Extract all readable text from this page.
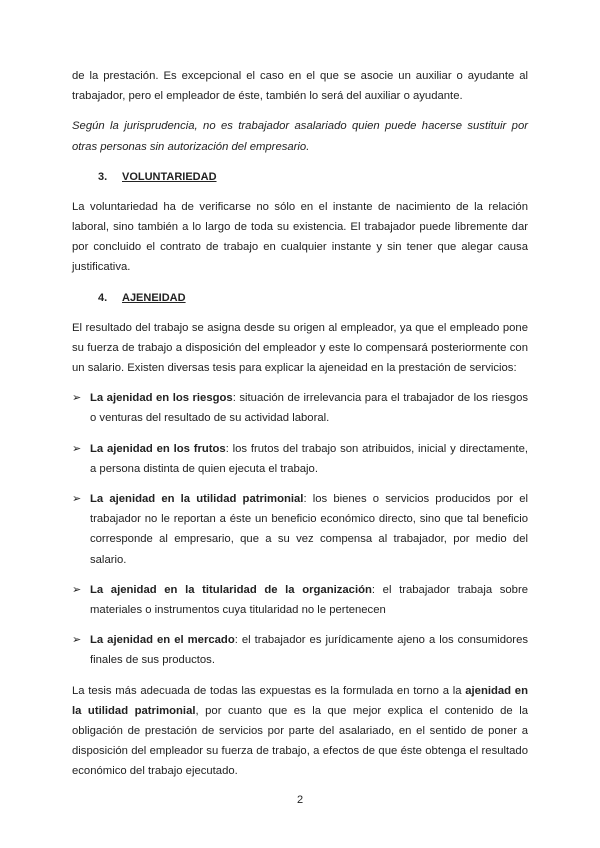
de la prestación. Es excepcional el caso en el que se asocie un auxiliar o ayudante al trabajador, pero el empleador de éste, también lo será del auxiliar o ayudante.

Según la jurisprudencia, no es trabajador asalariado quien puede hacerse sustituir por otras personas sin autorización del empresario.

3. VOLUNTARIEDAD

La voluntariedad ha de verificarse no sólo en el instante de nacimiento de la relación laboral, sino también a lo largo de toda su existencia. El trabajador puede libremente dar por concluido el contrato de trabajo en cualquier instante y sin tener que alegar causa justificativa.

4. AJENEIDAD

El resultado del trabajo se asigna desde su origen al empleador, ya que el empleado pone su fuerza de trabajo a disposición del empleador y este lo compensará posteriormente con un salario. Existen diversas tesis para explicar la ajeneidad en la prestación de servicios:

➢ La ajenidad en los riesgos: situación de irrelevancia para el trabajador de los riesgos o venturas del resultado de su actividad laboral.
➢ La ajenidad en los frutos: los frutos del trabajo son atribuidos, inicial y directamente, a persona distinta de quien ejecuta el trabajo.
➢ La ajenidad en la utilidad patrimonial: los bienes o servicios producidos por el trabajador no le reportan a éste un beneficio económico directo, sino que tal beneficio corresponde al empresario, que a su vez compensa al trabajador, por medio del salario.
➢ La ajenidad en la titularidad de la organización: el trabajador trabaja sobre materiales o instrumentos cuya titularidad no le pertenecen
➢ La ajenidad en el mercado: el trabajador es jurídicamente ajeno a los consumidores finales de sus productos.

La tesis más adecuada de todas las expuestas es la formulada en torno a la ajenidad en la utilidad patrimonial, por cuanto que es la que mejor explica el contenido de la obligación de prestación de servicios por parte del asalariado, en el sentido de poner a disposición del empleador su fuerza de trabajo, a efectos de que éste obtenga el resultado económico del trabajo ejecutado.

2
